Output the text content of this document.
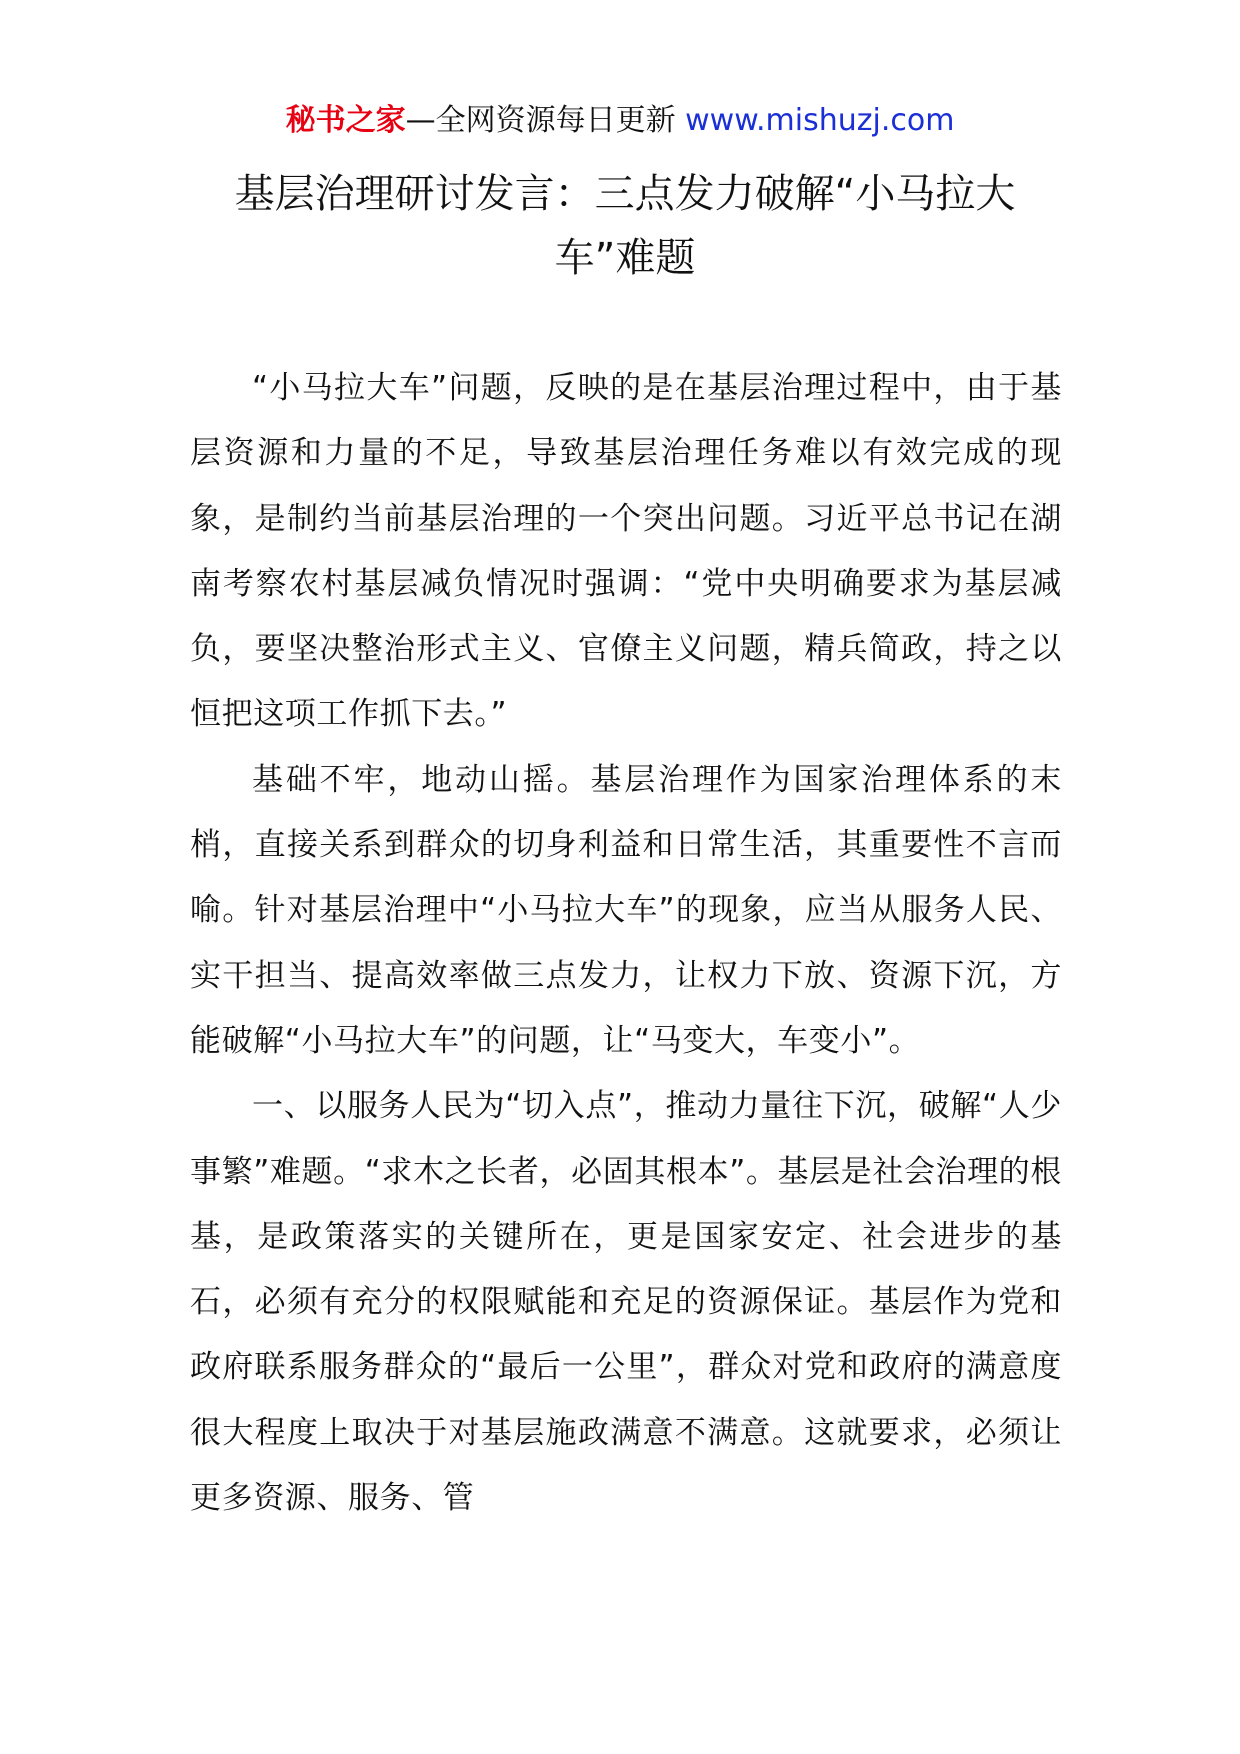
秘书之家—全网资源每日更新 www.mishuzj.com
基层治理研讨发言：三点发力破解“小马拉大车”难题

“小马拉大车”问题，反映的是在基层治理过程中，由于基层资源和力量的不足，导致基层治理任务难以有效完成的现象，是制约当前基层治理的一个突出问题。习近平总书记在湖南考察农村基层减负情况时强调：“党中央明确要求为基层减负，要坚决整治形式主义、官僚主义问题，精兵简政，持之以恒把这项工作抓下去。”

基础不牢，地动山摇。基层治理作为国家治理体系的末梢，直接关系到群众的切身利益和日常生活，其重要性不言而喻。针对基层治理中“小马拉大车”的现象，应当从服务人民、实干担当、提高效率做三点发力，让权力下放、资源下沉，方能破解“小马拉大车”的问题，让“马变大，车变小”。

一、以服务人民为“切入点”，推动力量往下沉，破解“人少事繁”难题。“求木之长者，必固其根本”。基层是社会治理的根基，是政策落实的关键所在，更是国家安定、社会进步的基石，必须有充分的权限赋能和充足的资源保证。基层作为党和政府联系服务群众的“最后一公里”，群众对党和政府的满意度很大程度上取决于对基层施政满意不满意。这就要求，必须让更多资源、服务、管
